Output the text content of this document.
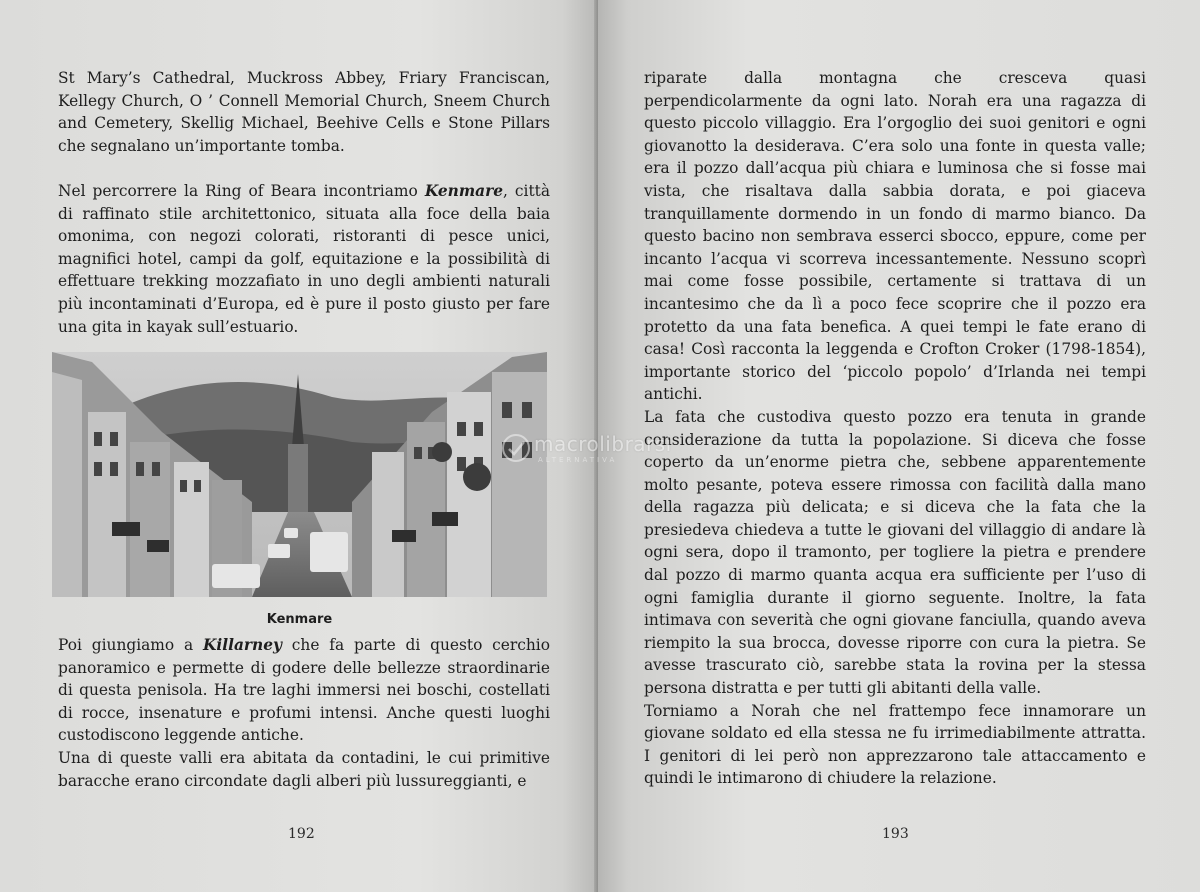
St Mary’s Cathedral, Muckross Abbey, Friary Franciscan, Kellegy Church, O ’ Connell Memorial Church, Sneem Church and Cemetery, Skellig Michael, Beehive Cells e Stone Pillars che segnalano un’importante tomba.

Nel percorrere la Ring of Beara incontriamo Kenmare, città di raffinato stile architettonico, situata alla foce della baia omonima, con negozi colorati, ristoranti di pesce unici, magnifici hotel, campi da golf, equitazione e la possibilità di effettuare trekking mozzafiato in uno degli ambienti naturali più incontaminati d’Europa, ed è pure il posto giusto per fare una gita in kayak sull’estuario.

Kenmare

Poi giungiamo a Killarney che fa parte di questo cerchio panoramico e permette di godere delle bellezze straordinarie di questa penisola. Ha tre laghi immersi nei boschi, costellati di rocce, insenature e profumi intensi. Anche questi luoghi custodiscono leggende antiche.

Una di queste valli era abitata da contadini, le cui primitive baracche erano circondate dagli alberi più lussureggianti, e

192

riparate dalla montagna che cresceva quasi perpendicolarmente da ogni lato. Norah era una ragazza di questo piccolo villaggio. Era l’orgoglio dei suoi genitori e ogni giovanotto la desiderava. C’era solo una fonte in questa valle; era il pozzo dall’acqua più chiara e luminosa che si fosse mai vista, che risaltava dalla sabbia dorata, e poi giaceva tranquillamente dormendo in un fondo di marmo bianco. Da questo bacino non sembrava esserci sbocco, eppure, come per incanto l’acqua vi scorreva incessantemente. Nessuno scoprì mai come fosse possibile, certamente si trattava di un incantesimo che da lì a poco fece scoprire che il pozzo era protetto da una fata benefica. A quei tempi le fate erano di casa! Così racconta la leggenda e Crofton Croker (1798-1854), importante storico del ‘piccolo popolo’ d’Irlanda nei tempi antichi.

La fata che custodiva questo pozzo era tenuta in grande considerazione da tutta la popolazione. Si diceva che fosse coperto da un’enorme pietra che, sebbene apparentemente molto pesante, poteva essere rimossa con facilità dalla mano della ragazza più delicata; e si diceva che la fata che la presiedeva chiedeva a tutte le giovani del villaggio di andare là ogni sera, dopo il tramonto, per togliere la pietra e prendere dal pozzo di marmo quanta acqua era sufficiente per l’uso di ogni famiglia durante il giorno seguente. Inoltre, la fata intimava con severità che ogni giovane fanciulla, quando aveva riempito la sua brocca, dovesse riporre con cura la pietra. Se avesse trascurato ciò, sarebbe stata la rovina per la stessa persona distratta e per tutti gli abitanti della valle.

Torniamo a Norah che nel frattempo fece innamorare un giovane soldato ed ella stessa ne fu irrimediabilmente attratta. I genitori di lei però non apprezzarono tale attaccamento e quindi le intimarono di chiudere la relazione.

193
macrolibrarsi
ALTERNATIVA
